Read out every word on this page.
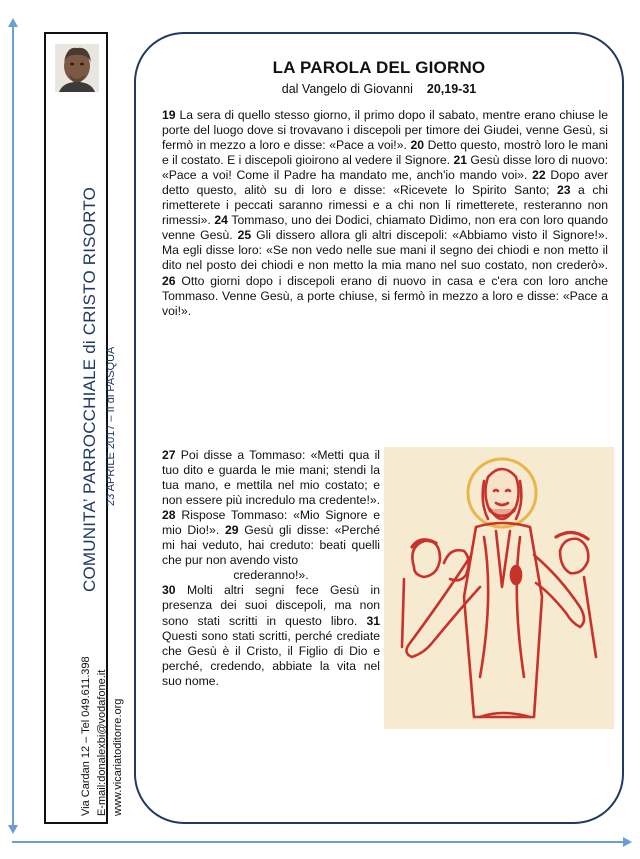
COMUNITA’ PARROCCHIALE di CRISTO RISORTO 23 APRILE 2017 – II di PASQUA
Via Cardan 12 – Tel 049.611.398 E-mail:donalexbi@vodafone.it www.vicariatoditorre.org
LA PAROLA DEL GIORNO
dal Vangelo di Giovanni 20,19-31
19 La sera di quello stesso giorno, il primo dopo il sabato, mentre erano chiuse le porte del luogo dove si trovavano i discepoli per timore dei Giudei, venne Gesù, si fermò in mezzo a loro e disse: «Pace a voi!». 20 Detto questo, mostrò loro le mani e il costato. E i discepoli gioirono al vedere il Signore. 21 Gesù disse loro di nuovo: «Pace a voi! Come il Padre ha mandato me, anch'io mando voi». 22 Dopo aver detto questo, alitò su di loro e disse: «Ricevete lo Spirito Santo; 23 a chi rimetterete i peccati saranno rimessi e a chi non li rimetterete, resteranno non rimessi». 24 Tommaso, uno dei Dodici, chiamato Dìdimo, non era con loro quando venne Gesù. 25 Gli dissero allora gli altri discepoli: «Abbiamo visto il Signore!». Ma egli disse loro: «Se non vedo nelle sue mani il segno dei chiodi e non metto il dito nel posto dei chiodi e non metto la mia mano nel suo costato, non crederò». 26 Otto giorni dopo i discepoli erano di nuovo in casa e c'era con loro anche Tommaso. Venne Gesù, a porte chiuse, si fermò in mezzo a loro e disse: «Pace a voi!».
27 Poi disse a Tommaso: «Metti qua il tuo dito e guarda le mie mani; stendi la tua mano, e mettila nel mio costato; e non essere più incredulo ma credente!». 28 Rispose Tommaso: «Mio Signore e mio Dio!». 29 Gesù gli disse: «Perché mi hai veduto, hai creduto: beati quelli che pur non avendo visto
crederanno!».
30 Molti altri segni fece Gesù in presenza dei suoi discepoli, ma non sono stati scritti in questo libro. 31 Questi sono stati scritti, perché crediate che Gesù è il Cristo, il Figlio di Dio e perché, credendo, abbiate la vita nel suo nome.
